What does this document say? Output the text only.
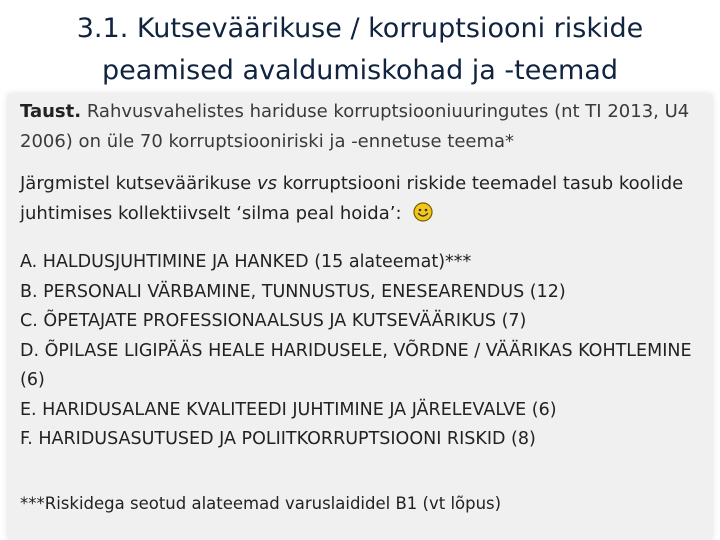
3.1. Kutseväärikuse / korruptsiooni riskide
peamised avaldumiskohad ja -teemad
Taust. Rahvusvahelistes hariduse korruptsiooniuuringutes (nt TI 2013, U4 2006) on üle 70 korruptsiooniriski ja -ennetuse teema*
Järgmistel kutseväärikuse vs korruptsiooni riskide teemadel tasub koolide juhtimises kollektiivselt ‘silma peal hoida’:
A. HALDUSJUHTIMINE JA HANKED (15 alateemat)***
B. PERSONALI VÄRBAMINE, TUNNUSTUS, ENESEARENDUS (12)
C. ÕPETAJATE PROFESSIONAALSUS JA KUTSEVÄÄRIKUS (7)
D. ÕPILASE LIGIPÄÄS HEALE HARIDUSELE, VÕRDNE / VÄÄRIKAS KOHTLEMINE (6)
E. HARIDUSALANE KVALITEEDI JUHTIMINE JA JÄRELEVALVE (6)
F. HARIDUSASUTUSED JA POLIITKORRUPTSIOONI RISKID (8)
***Riskidega seotud alateemad varuslaididel B1 (vt lõpus)
